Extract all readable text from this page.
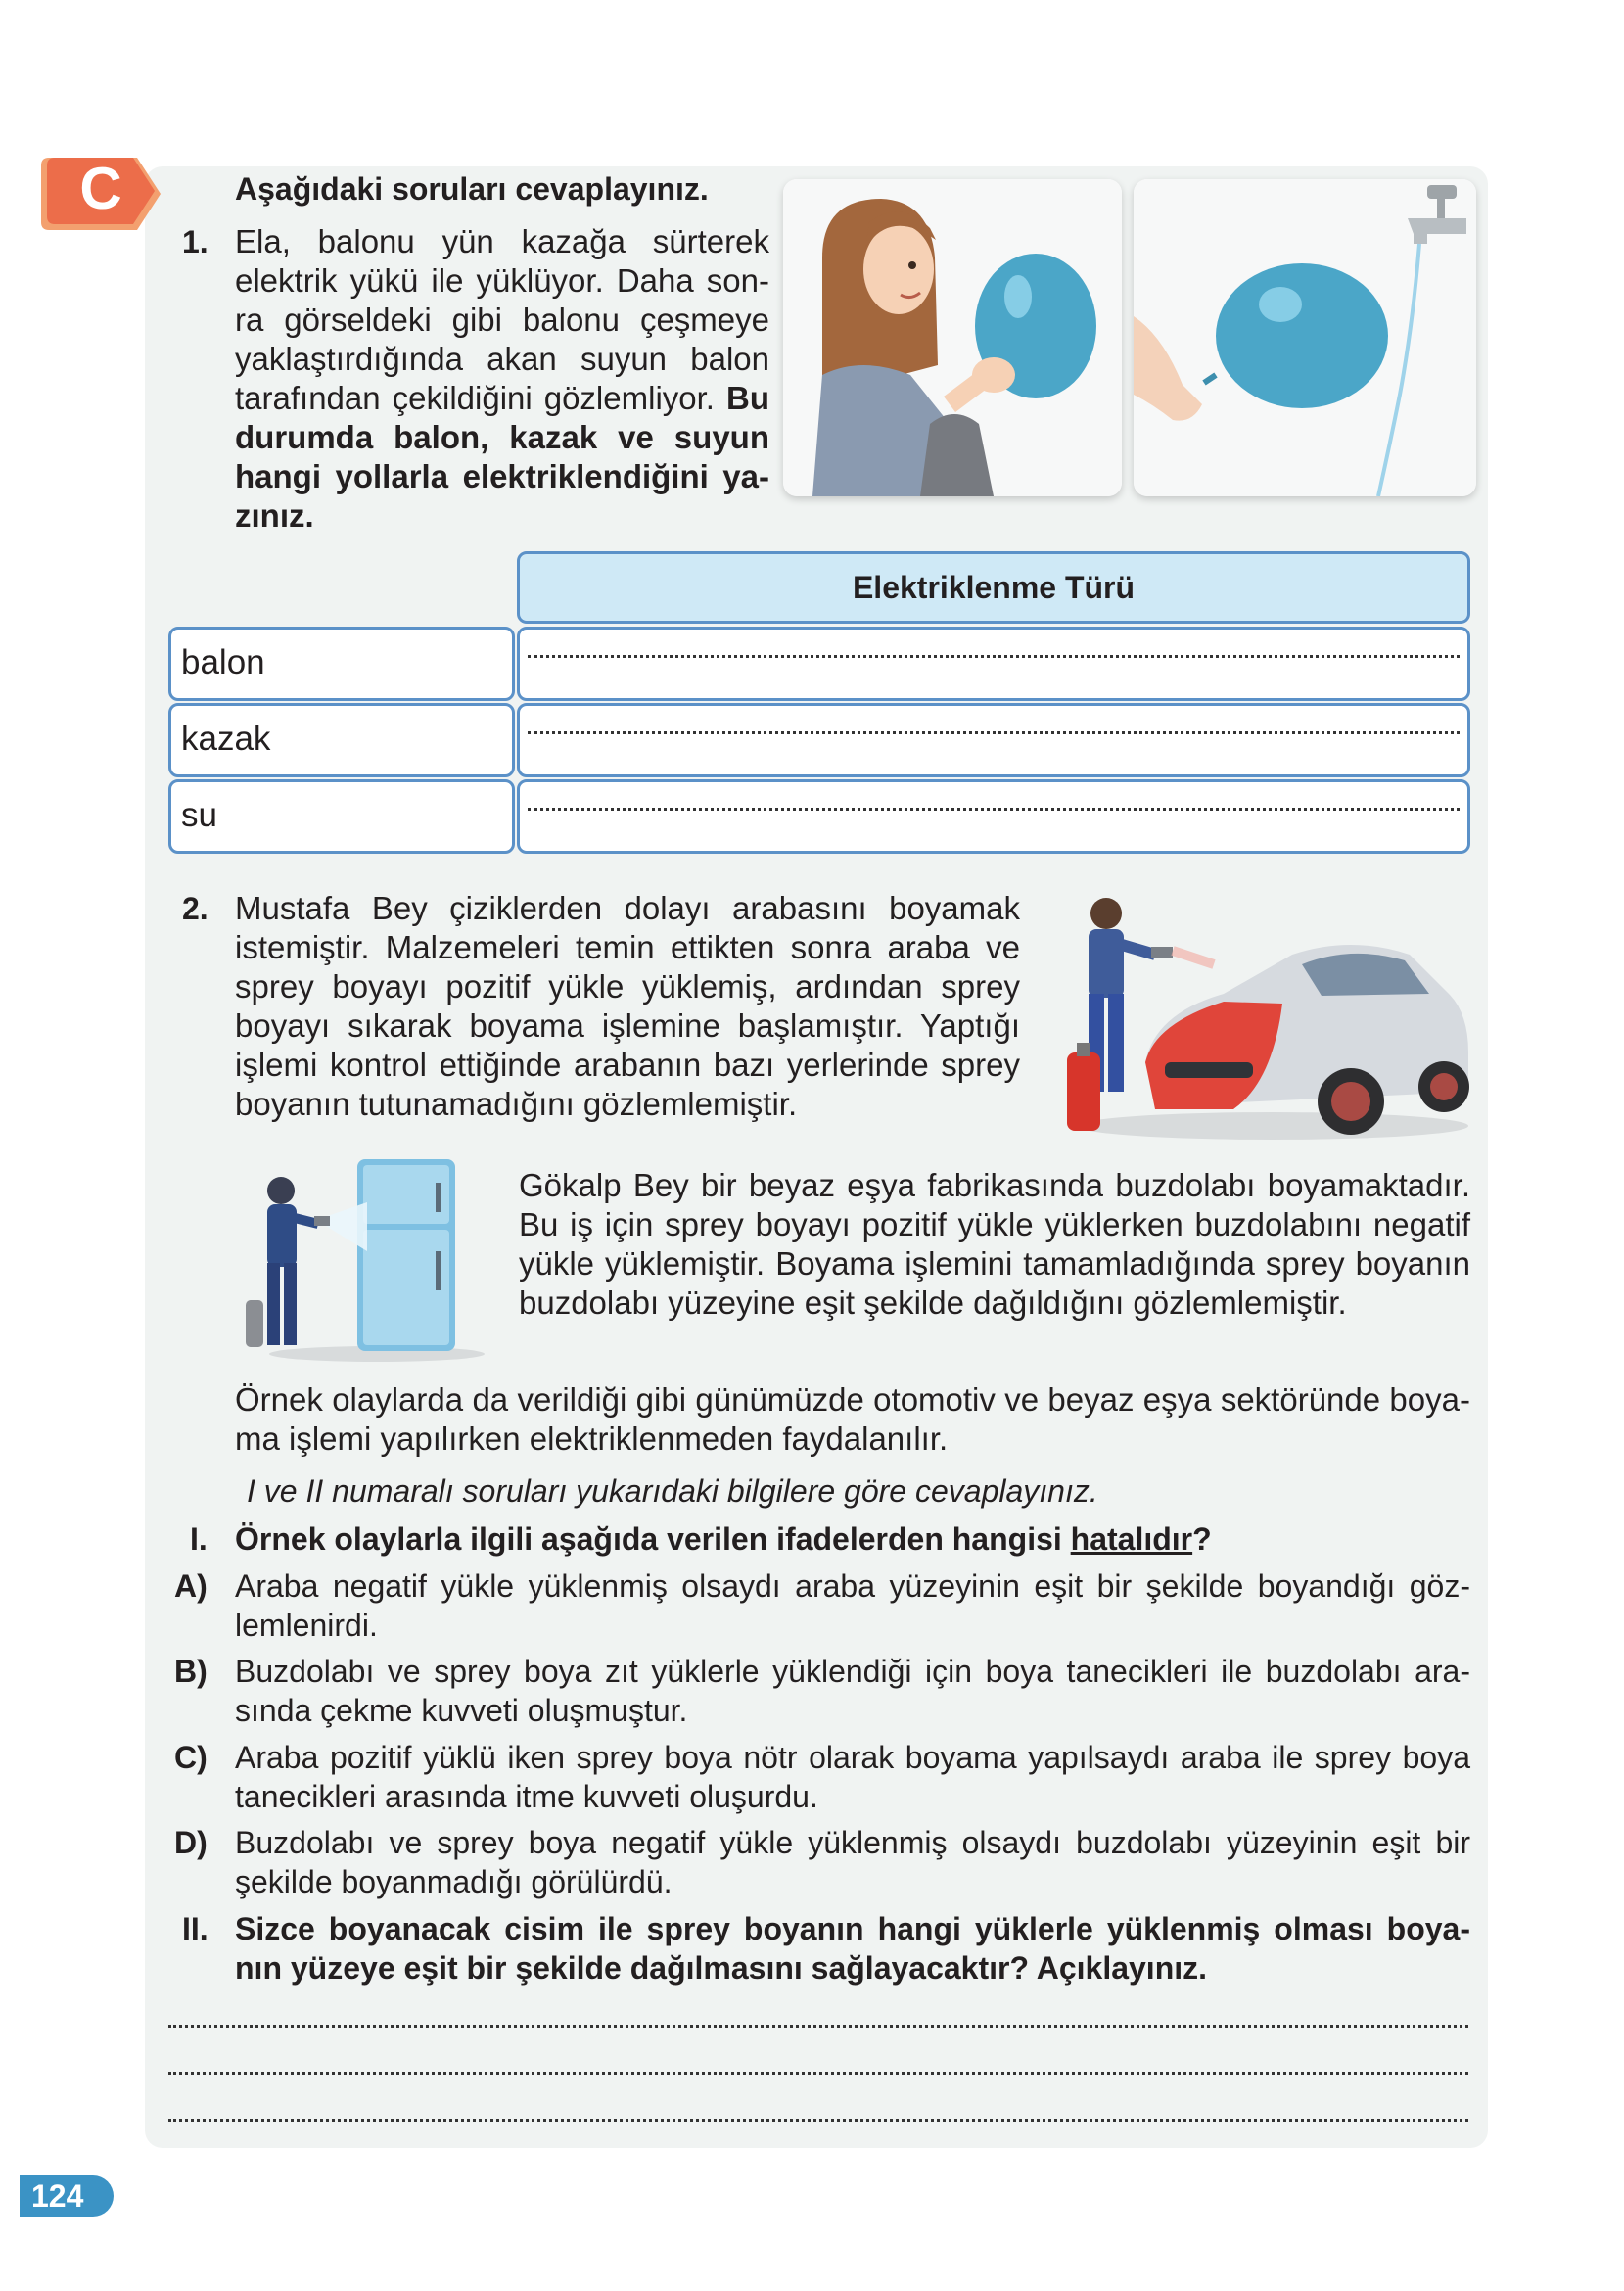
C	Aşağıdaki soruları cevaplayınız.
1. Ela, balonu yün kazağa sürterek
elektrik yükü ile yüklüyor. Daha son-
ra görseldeki gibi balonu çeşmeye
yaklaştırdığında akan suyun balon
tarafından çekildiğini gözlemliyor. Bu
durumda balon, kazak ve suyun
hangi yollarla elektriklendiğini ya-
zınız.
Elektriklenme Türü
balon
kazak
su
2. Mustafa Bey çiziklerden dolayı arabasını boyamak
istemiştir. Malzemeleri temin ettikten sonra araba ve
sprey boyayı pozitif yükle yüklemiş, ardından sprey
boyayı sıkarak boyama işlemine başlamıştır. Yaptığı
işlemi kontrol ettiğinde arabanın bazı yerlerinde sprey
boyanın tutunamadığını gözlemlemiştir.
Gökalp Bey bir beyaz eşya fabrikasında buzdolabı boyamaktadır.
Bu iş için sprey boyayı pozitif yükle yüklerken buzdolabını negatif
yükle yüklemiştir. Boyama işlemini tamamladığında sprey boyanın
buzdolabı yüzeyine eşit şekilde dağıldığını gözlemlemiştir.
Örnek olaylarda da verildiği gibi günümüzde otomotiv ve beyaz eşya sektöründe boya-
ma işlemi yapılırken elektriklenmeden faydalanılır.
I ve II numaralı soruları yukarıdaki bilgilere göre cevaplayınız.
I. Örnek olaylarla ilgili aşağıda verilen ifadelerden hangisi hatalıdır?
A) Araba negatif yükle yüklenmiş olsaydı araba yüzeyinin eşit bir şekilde boyandığı göz-
lemlenirdi.
B) Buzdolabı ve sprey boya zıt yüklerle yüklendiği için boya tanecikleri ile buzdolabı ara-
sında çekme kuvveti oluşmuştur.
C) Araba pozitif yüklü iken sprey boya nötr olarak boyama yapılsaydı araba ile sprey boya
tanecikleri arasında itme kuvveti oluşurdu.
D) Buzdolabı ve sprey boya negatif yükle yüklenmiş olsaydı buzdolabı yüzeyinin eşit bir
şekilde boyanmadığı görülürdü.
II. Sizce boyanacak cisim ile sprey boyanın hangi yüklerle yüklenmiş olması boya-
nın yüzeye eşit bir şekilde dağılmasını sağlayacaktır? Açıklayınız.
124
